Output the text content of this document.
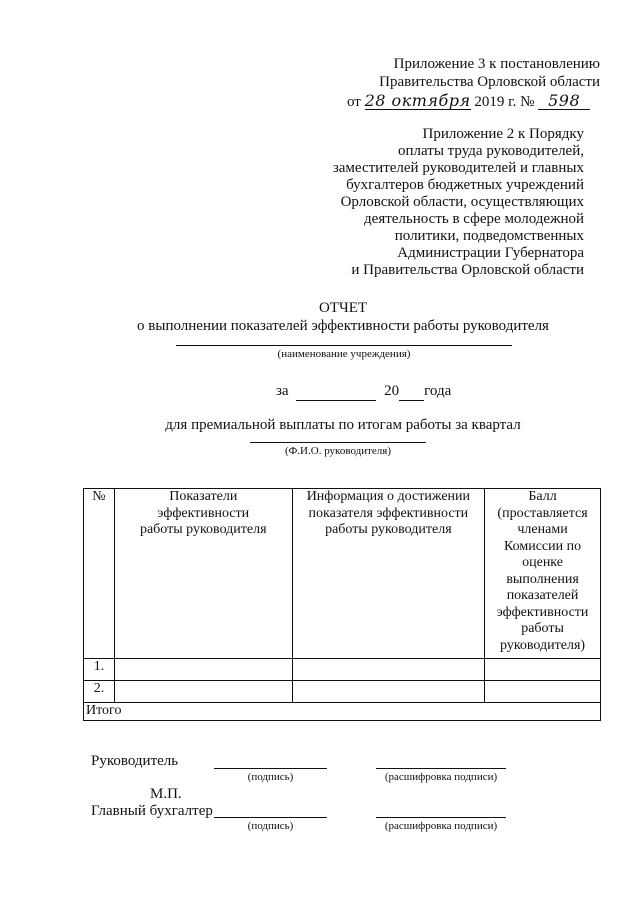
Приложение 3 к постановлению
Правительства Орловской области
от 28 октября 2019 г. № 598
Приложение 2 к Порядку
оплаты труда руководителей,
заместителей руководителей и главных
бухгалтеров бюджетных учреждений
Орловской области, осуществляющих
деятельность в сфере молодежной
политики, подведомственных
Администрации Губернатора
и Правительства Орловской области
ОТЧЕТ
о выполнении показателей эффективности работы руководителя
(наименование учреждения)
за	20 года
для премиальной выплаты по итогам работы за квартал
(Ф.И.О. руководителя)
№	Показатели эффективности работы руководителя	Информация о достижении показателя эффективности работы руководителя	Балл (проставляется членами Комиссии по оценке выполнения показателей эффективности работы руководителя)
1.			
2.			
Итого			
Руководитель
(подпись)	(расшифровка подписи)
М.П.
Главный бухгалтер
(подпись)	(расшифровка подписи)
